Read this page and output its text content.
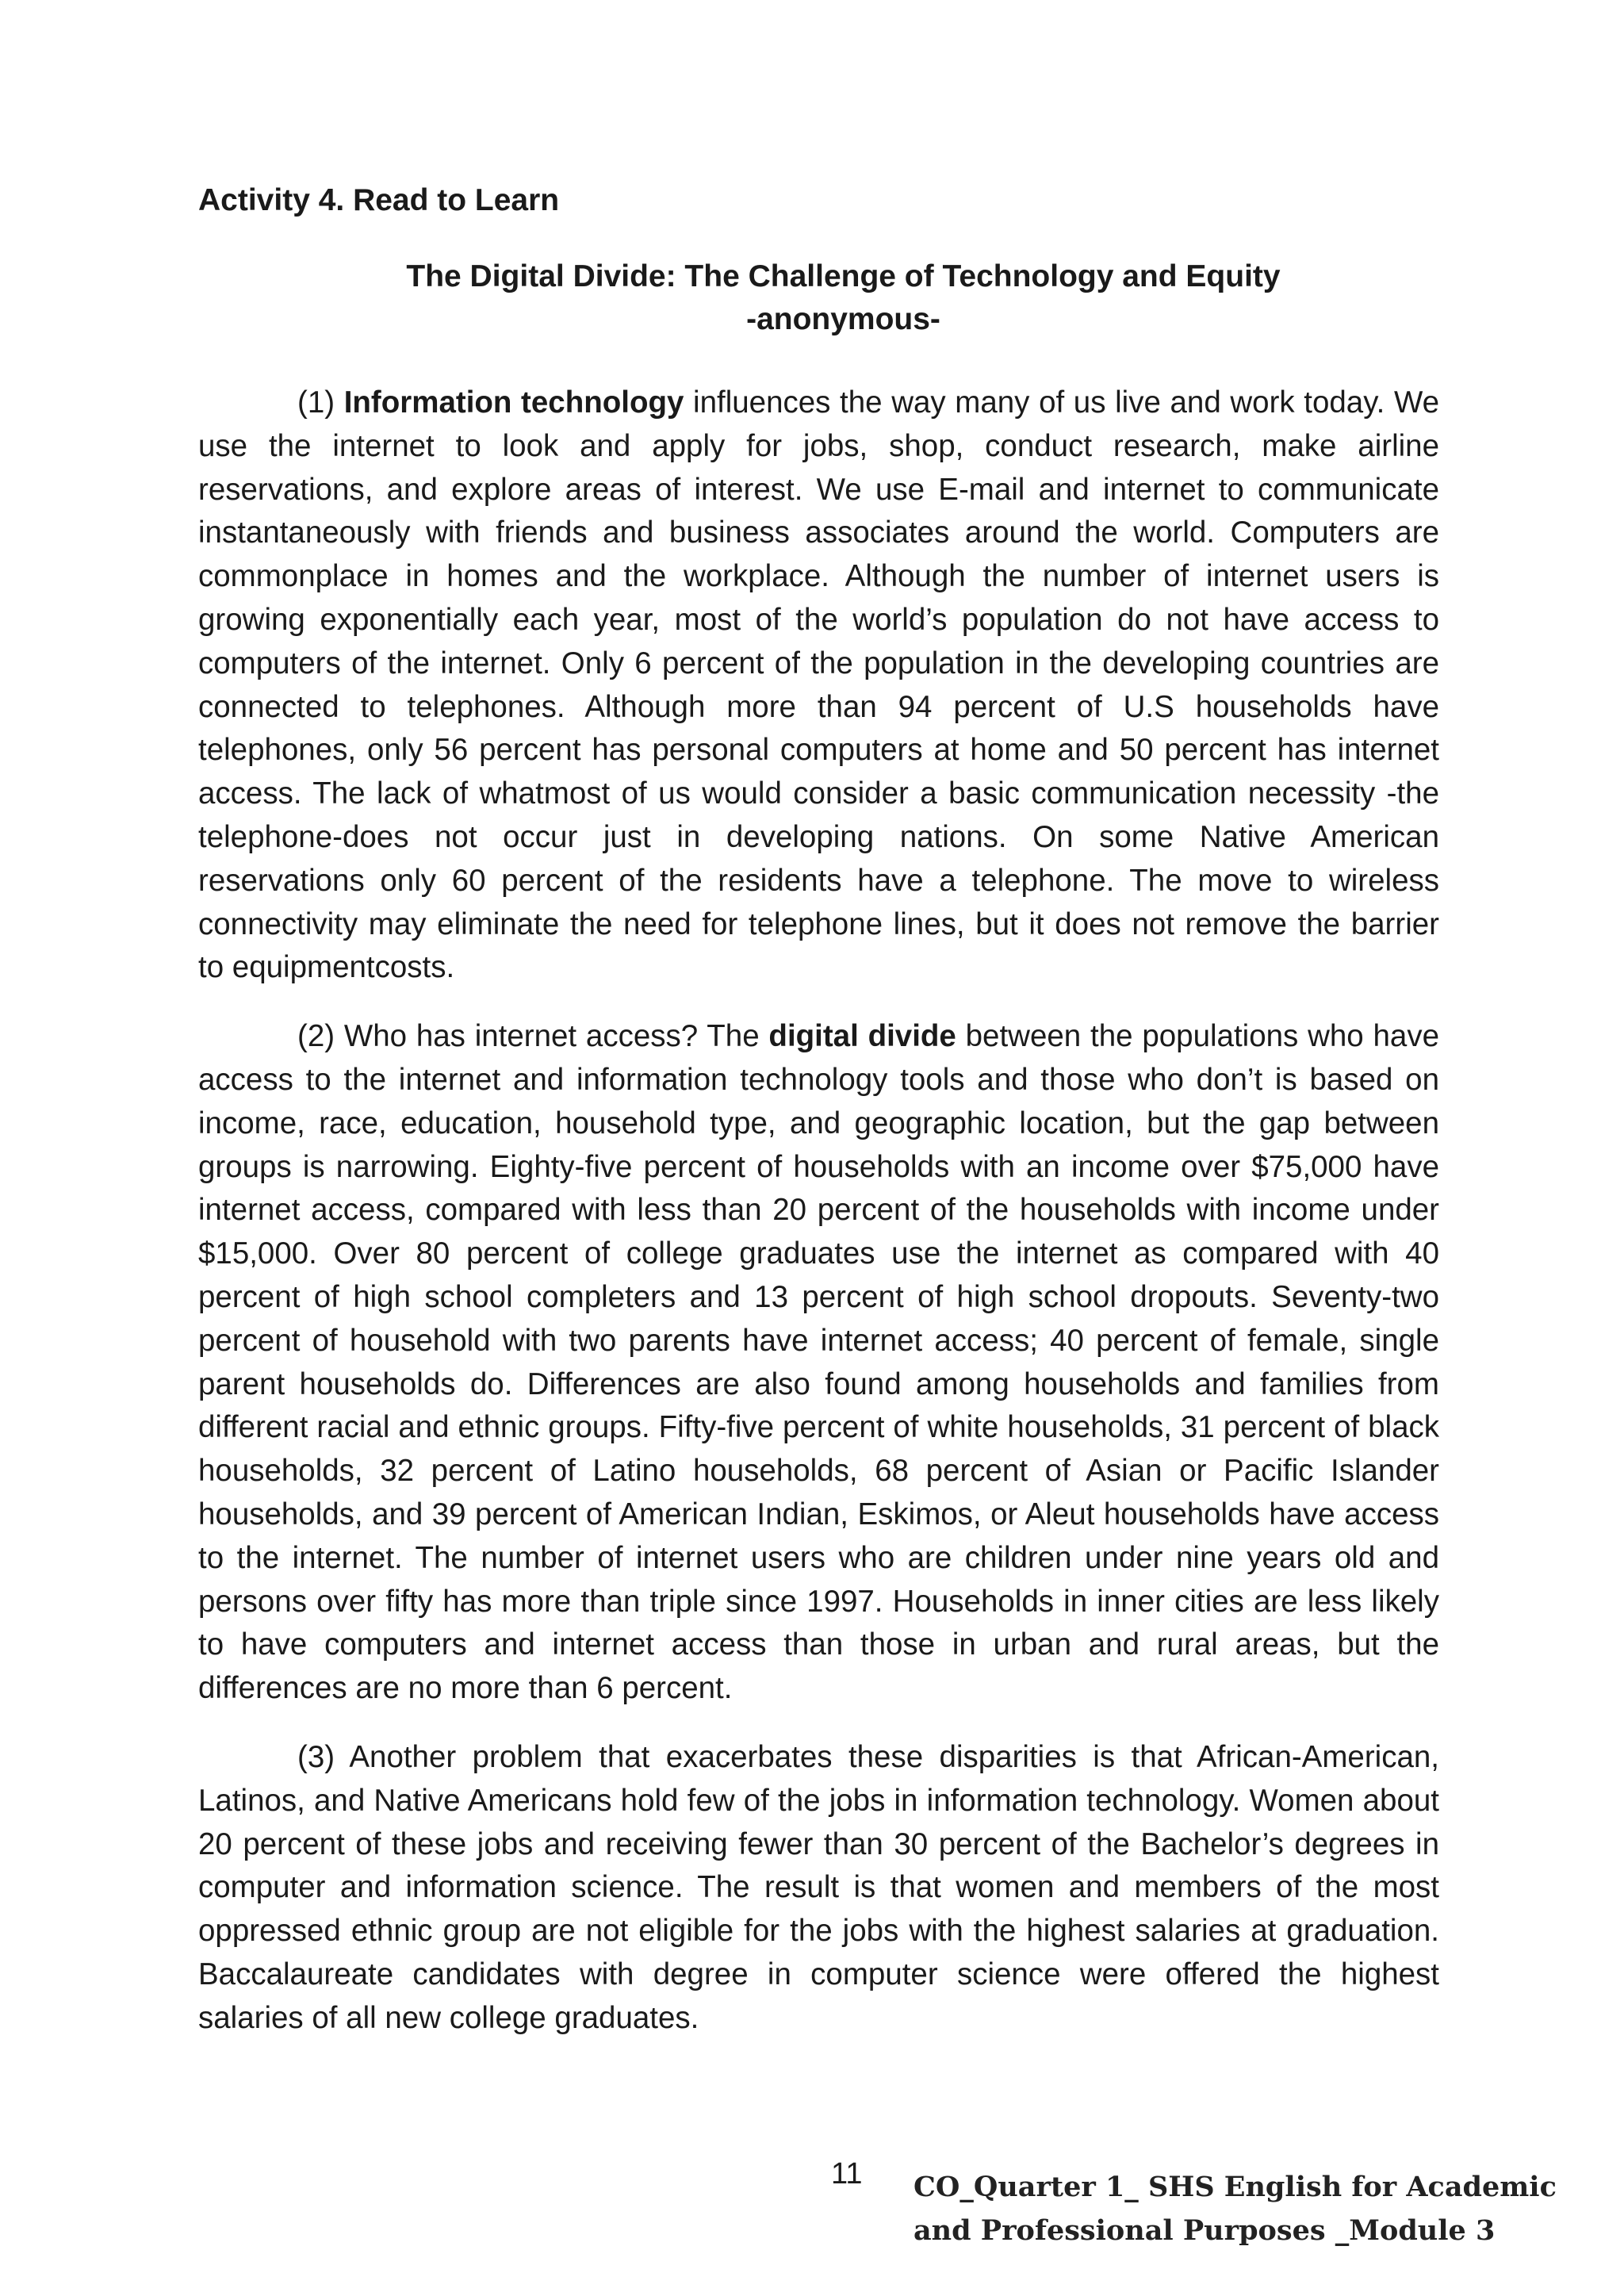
Activity 4. Read to Learn
The Digital Divide: The Challenge of Technology and Equity
-anonymous-

(1) Information technology influences the way many of us live and work today. We use the internet to look and apply for jobs, shop, conduct research, make airline reservations, and explore areas of interest. We use E-mail and internet to communicate instantaneously with friends and business associates around the world. Computers are commonplace in homes and the workplace. Although the number of internet users is growing exponentially each year, most of the world’s population do not have access to computers of the internet. Only 6 percent of the population in the developing countries are connected to telephones. Although more than 94 percent of U.S households have telephones, only 56 percent has personal computers at home and 50 percent has internet access. The lack of whatmost of us would consider a basic communication necessity -the telephone-does not occur just in developing nations. On some Native American reservations only 60 percent of the residents have a telephone. The move to wireless connectivity may eliminate the need for telephone lines, but it does not remove the barrier to equipmentcosts.

(2) Who has internet access? The digital divide between the populations who have access to the internet and information technology tools and those who don’t is based on income, race, education, household type, and geographic location, but the gap between groups is narrowing. Eighty-five percent of households with an income over $75,000 have internet access, compared with less than 20 percent of the households with income under $15,000. Over 80 percent of college graduates use the internet as compared with 40 percent of high school completers and 13 percent of high school dropouts. Seventy-two percent of household with two parents have internet access; 40 percent of female, single parent households do. Differences are also found among households and families from different racial and ethnic groups. Fifty-five percent of white households, 31 percent of black households, 32 percent of Latino households, 68 percent of Asian or Pacific Islander households, and 39 percent of American Indian, Eskimos, or Aleut households have access to the internet. The number of internet users who are children under nine years old and persons over fifty has more than triple since 1997. Households in inner cities are less likely to have computers and internet access than those in urban and rural areas, but the differences are no more than 6 percent.

(3) Another problem that exacerbates these disparities is that African-American, Latinos, and Native Americans hold few of the jobs in information technology. Women about 20 percent of these jobs and receiving fewer than 30 percent of the Bachelor’s degrees in computer and information science. The result is that women and members of the most oppressed ethnic group are not eligible for the jobs with the highest salaries at graduation. Baccalaureate candidates with degree in computer science were offered the highest salaries of all new college graduates.

11 CO_Quarter 1_ SHS English for Academic
and Professional Purposes _Module 3
